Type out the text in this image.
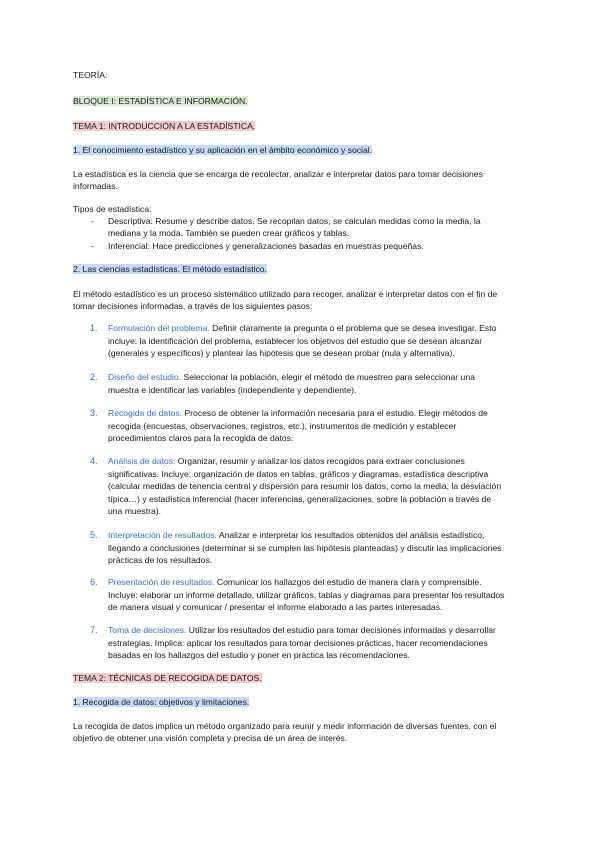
TEORÍA:
BLOQUE I: ESTADÍSTICA E INFORMACIÓN.
TEMA 1: INTRODUCCIÓN A LA ESTADÍSTICA.
1. El conocimiento estadístico y su aplicación en el ámbito económico y social.
La estadística es la ciencia que se encarga de recolectar, analizar e interpretar datos para tomar decisiones
informadas.
Tipos de estadística:
- Descriptiva: Resume y describe datos. Se recopilan datos, se calculan medidas como la media, la
mediana y la moda. También se pueden crear gráficos y tablas.
- Inferencial: Hace predicciones y generalizaciones basadas en muestras pequeñas.
2. Las ciencias estadísticas. El método estadístico.
El método estadístico es un proceso sistemático utilizado para recoger, analizar e interpretar datos con el fin de
tomar decisiones informadas, a través de los siguientes pasos:
1. Formulación del problema. Definir claramente la pregunta o el problema que se desea investigar. Esto
incluye: la identificación del problema, establecer los objetivos del estudio que se desean alcanzar
(generales y específicos) y plantear las hipótesis que se desean probar (nula y alternativa).
2. Diseño del estudio. Seleccionar la población, elegir el método de muestreo para seleccionar una
muestra e identificar las variables (independiente y dependiente).
3. Recogida de datos. Proceso de obtener la información necesaria para el estudio. Elegir métodos de
recogida (encuestas, observaciones, registros, etc.), instrumentos de medición y establecer
procedimientos claros para la recogida de datos.
4. Análisis de datos. Organizar, resumir y analizar los datos recogidos para extraer conclusiones
significativas. Incluye: organización de datos en tablas, gráficos y diagramas, estadística descriptiva
(calcular medidas de tenencia central y dispersión para resumir los datos, como la media, la desviación
típica…) y estadística inferencial (hacer inferencias, generalizaciones, sobre la población a través de
una muestra).
5. Interpretación de resultados. Analizar e interpretar los resultados obtenidos del análisis estadístico,
llegando a conclusiones (determinar si se cumplen las hipótesis planteadas) y discutir las implicaciones
prácticas de los resultados.
6. Presentación de resultados. Comunicar los hallazgos del estudio de manera clara y comprensible.
Incluye: elaborar un informe detallado, utilizar gráficos, tablas y diagramas para presentar los resultados
de manera visual y comunicar / presentar el informe elaborado a las partes interesadas.
7. Toma de decisiones. Utilizar los resultados del estudio para tomar decisiones informadas y desarrollar
estrategias. Implica: aplicar los resultados para tomar decisiones prácticas, hacer recomendaciones
basadas en los hallazgos del estudio y poner en práctica las recomendaciones.
TEMA 2: TÉCNICAS DE RECOGIDA DE DATOS.
1. Recogida de datos: objetivos y limitaciones.
La recogida de datos implica un método organizado para reunir y medir información de diversas fuentes, con el
objetivo de obtener una visión completa y precisa de un área de interés.
